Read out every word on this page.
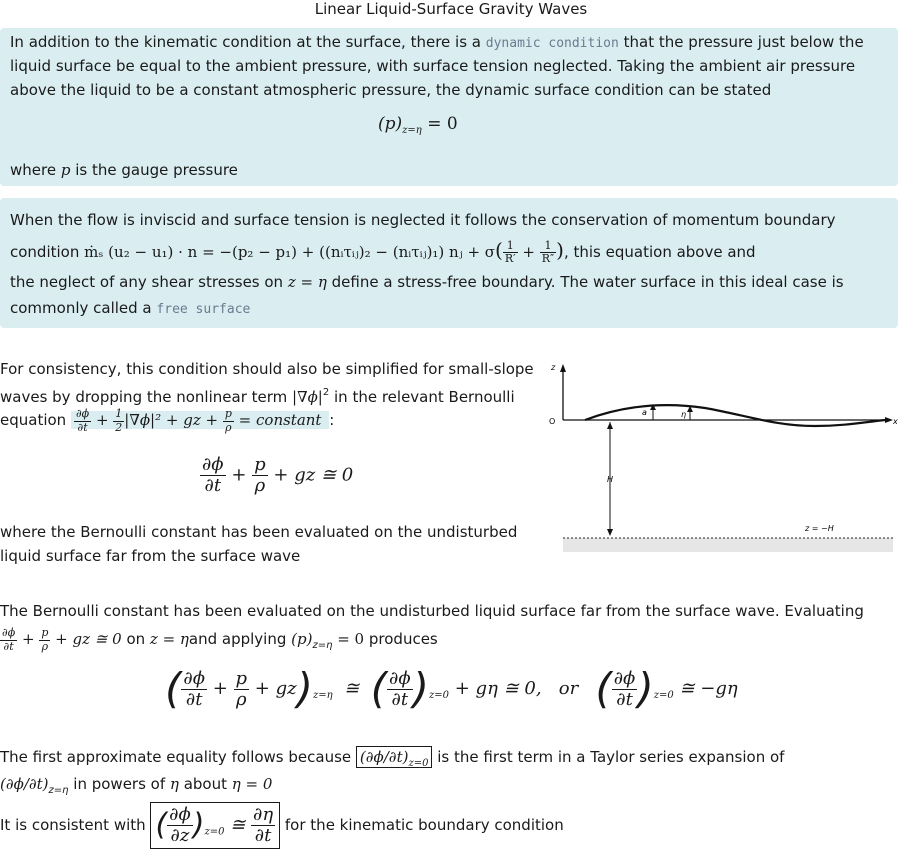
Linear Liquid-Surface Gravity Waves
In addition to the kinematic condition at the surface, there is a dynamic condition that the pressure just below the
liquid surface be equal to the ambient pressure, with surface tension neglected. Taking the ambient air pressure
above the liquid to be a constant atmospheric pressure, the dynamic surface condition can be stated
$(p)_{z=\eta} = 0$
where p is the gauge pressure
When the flow is inviscid and surface tension is neglected it follows the conservation of momentum boundary
condition ṁₛ (u₂ − u₁) · n = −(p₂ − p₁) + ((nᵢτᵢⱼ)₂ − (nᵢτᵢⱼ)₁) nⱼ + $\sigma( \frac{1}{R'} + \frac{1}{R''}$ ), this equation above and
the neglect of any shear stresses on z = η define a stress-free boundary. The water surface in this ideal case is
commonly called a free surface
For consistency, this condition should also be simplified for small-slope
waves by dropping the nonlinear term $|\nabla\phi|^2$ in the relevant Bernoulli
equation $\frac{\partial\phi}{\partial t} + \frac{1}{2} |\nabla\phi|^2$ + gz + $\frac{p}{\rho}$ = constant :
$\frac{\partial\phi}{\partial t} + \frac{p}{\rho}$ + gz ≅ 0
where the Bernoulli constant has been evaluated on the undisturbed
liquid surface far from the surface wave
z
O
a	η
x
H
z = −H
The Bernoulli constant has been evaluated on the undisturbed liquid surface far from the surface wave. Evaluating
$\frac{\partial\phi}{\partial t} + \frac{p}{\rho}$ + gz ≅ 0 on z = ηand applying $(p)_{z=\eta} = 0$ produces
( $\frac{\partial\phi}{\partial t} + \frac{p}{\rho} + gz)_{z=\eta}$ ≅ ( $\frac{\partial\phi}{\partial t} )_{z=0} + g\eta$ ≅ 0, or ( $\frac{\partial\phi}{\partial t} )_{z=0}$ ≅ −gη
The first approximate equality follows because $(\partial\phi/\partial t)_{z=0}$ is the first term in a Taylor series expansion of
$(\partial\phi/\partial t)_{z=\eta}$ in powers of η about η = 0
It is consistent with ( $\frac{\partial\phi}{\partial z} )_{z=0}$ ≅ $\frac{\partial\eta}{\partial t}$ for the kinematic boundary condition
